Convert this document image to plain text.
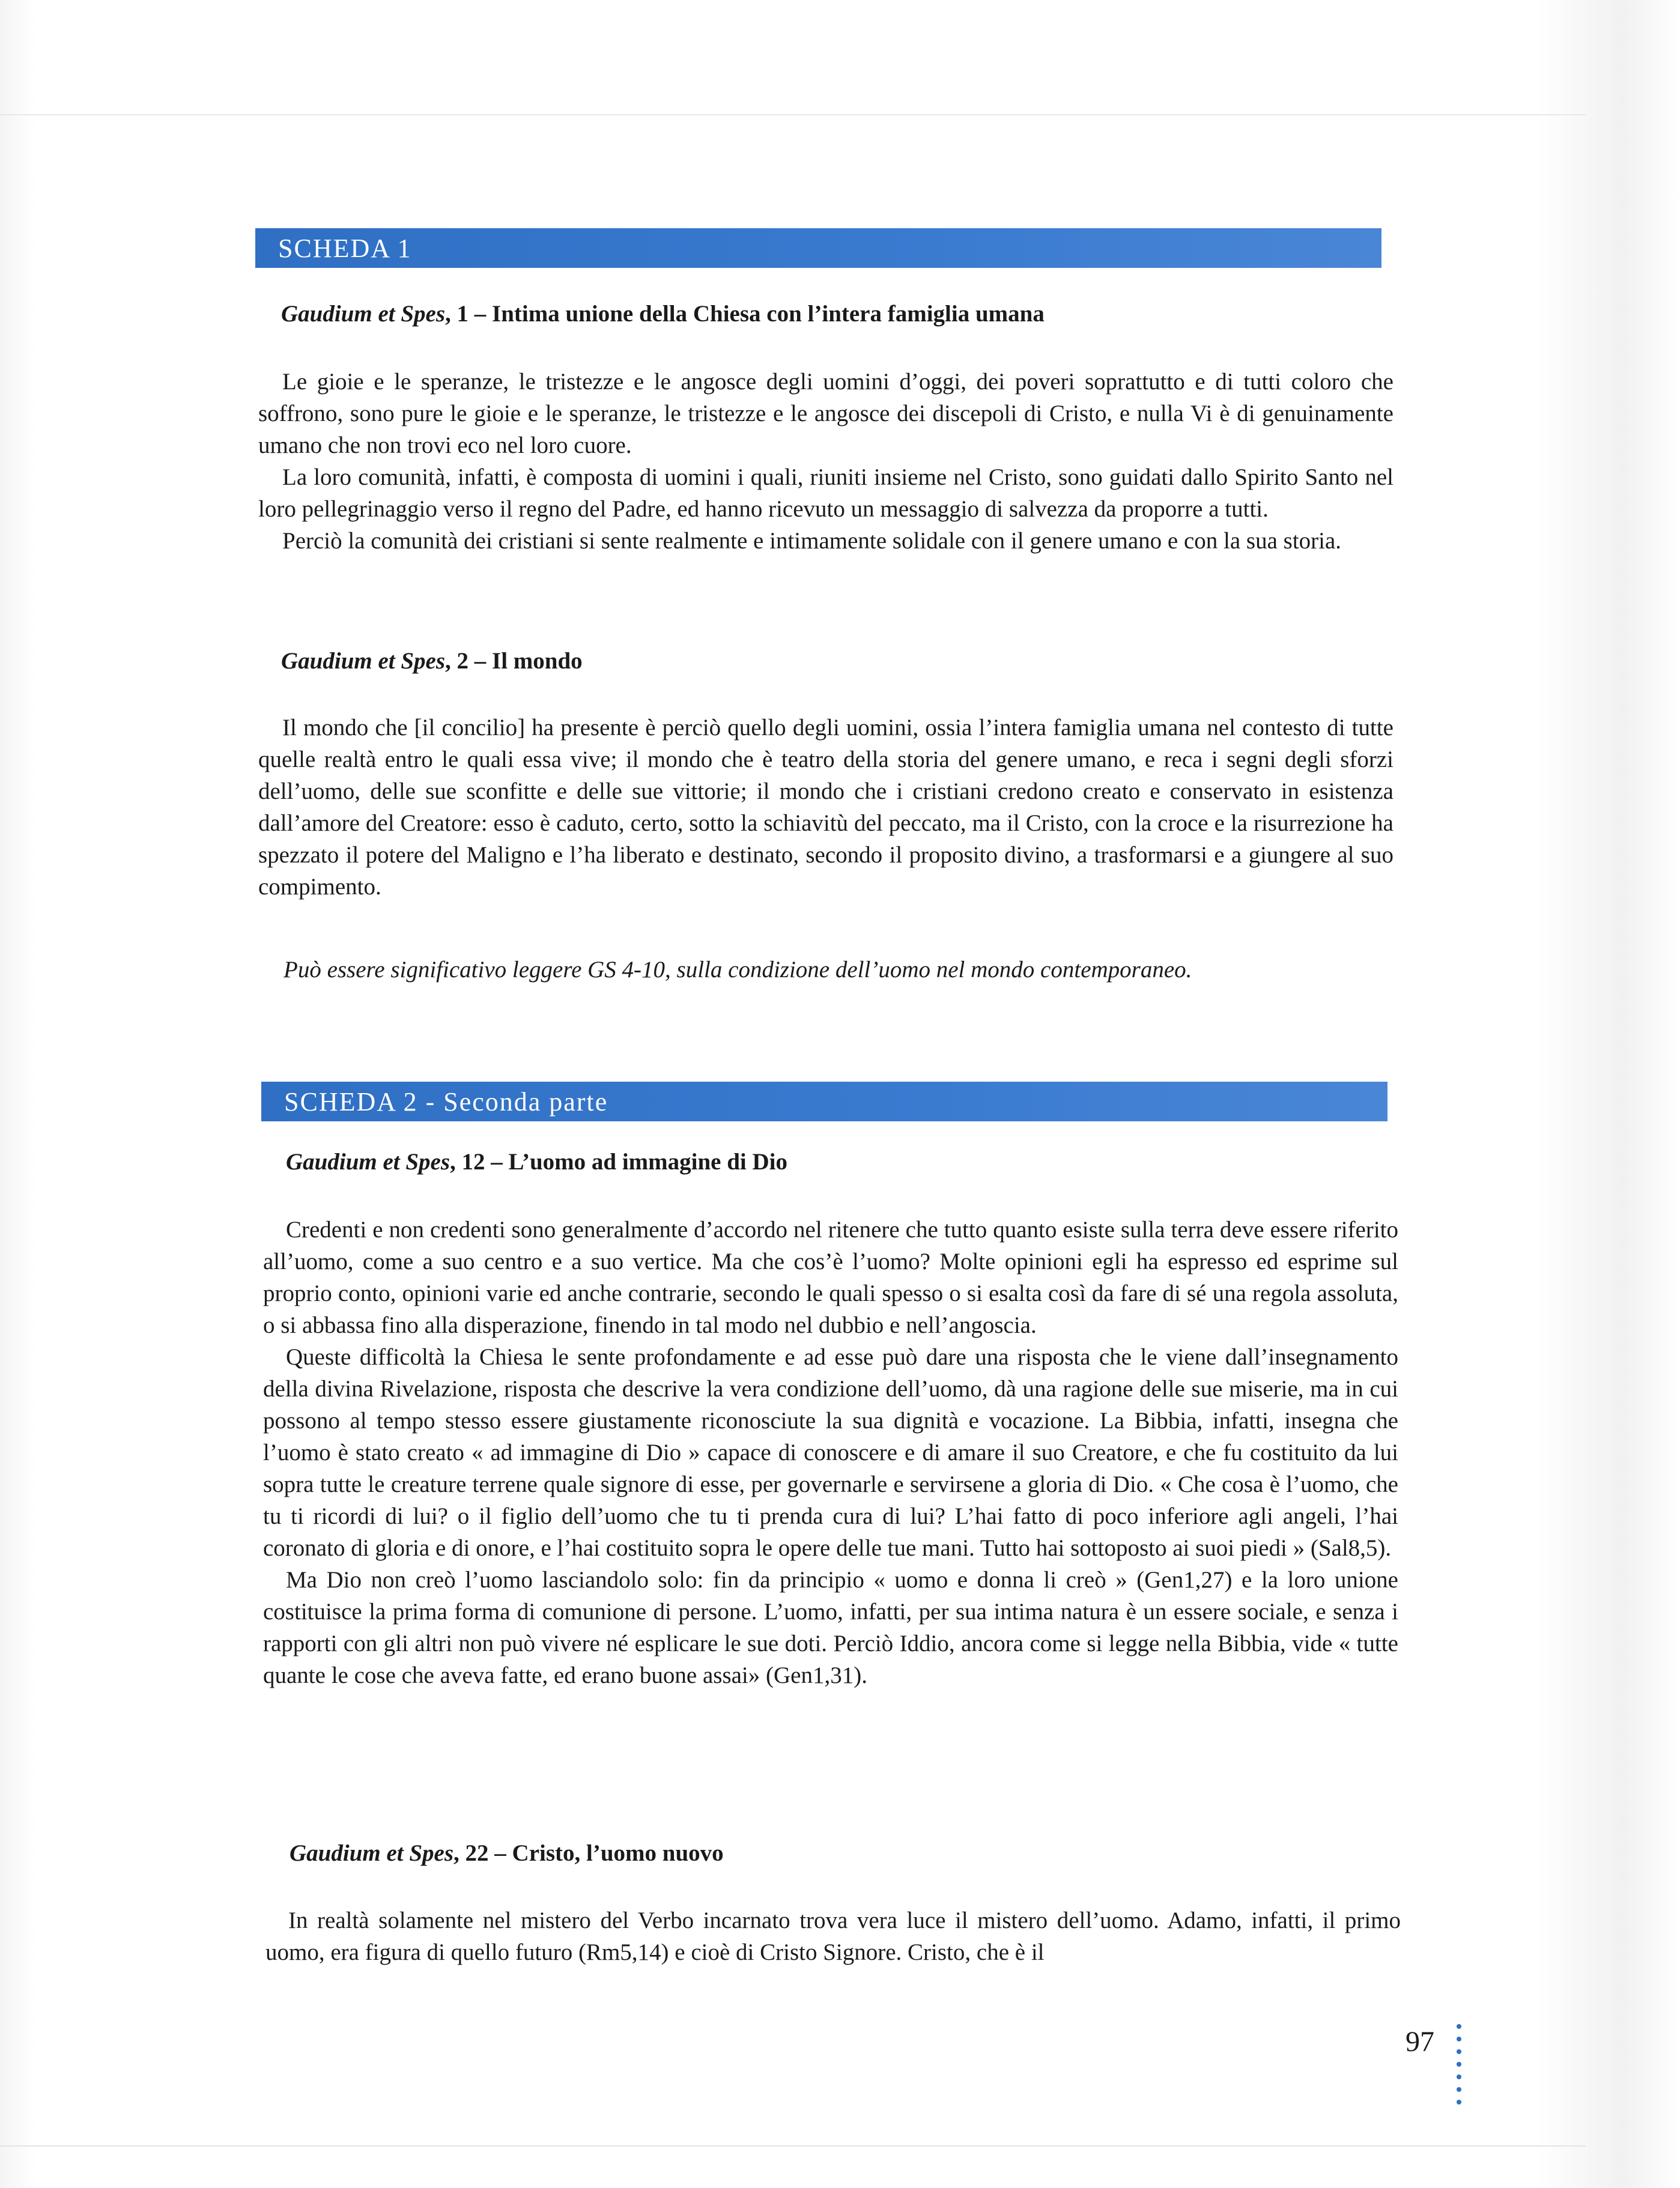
SCHEDA 1
Gaudium et Spes, 1 – Intima unione della Chiesa con l’intera famiglia umana

Le gioie e le speranze, le tristezze e le angosce degli uomini d’oggi, dei poveri soprattutto e di tutti coloro che soffrono, sono pure le gioie e le speranze, le tristezze e le angosce dei discepoli di Cristo, e nulla Vi è di genuinamente umano che non trovi eco nel loro cuore.

La loro comunità, infatti, è composta di uomini i quali, riuniti insieme nel Cristo, sono guidati dallo Spirito Santo nel loro pellegrinaggio verso il regno del Padre, ed hanno ricevuto un messaggio di salvezza da proporre a tutti.

Perciò la comunità dei cristiani si sente realmente e intimamente solidale con il genere umano e con la sua storia.

Gaudium et Spes, 2 – Il mondo

Il mondo che [il concilio] ha presente è perciò quello degli uomini, ossia l’intera famiglia umana nel contesto di tutte quelle realtà entro le quali essa vive; il mondo che è teatro della storia del genere umano, e reca i segni degli sforzi dell’uomo, delle sue sconfitte e delle sue vittorie; il mondo che i cristiani credono creato e conservato in esistenza dall’amore del Creatore: esso è caduto, certo, sotto la schiavitù del peccato, ma il Cristo, con la croce e la risurrezione ha spezzato il potere del Maligno e l’ha liberato e destinato, secondo il proposito divino, a trasformarsi e a giungere al suo compimento.

Può essere significativo leggere GS 4-10, sulla condizione dell’uomo nel mondo contemporaneo.
SCHEDA 2 - Seconda parte
Gaudium et Spes, 12 – L’uomo ad immagine di Dio

Credenti e non credenti sono generalmente d’accordo nel ritenere che tutto quanto esiste sulla terra deve essere riferito all’uomo, come a suo centro e a suo vertice. Ma che cos’è l’uomo? Molte opinioni egli ha espresso ed esprime sul proprio conto, opinioni varie ed anche contrarie, secondo le quali spesso o si esalta così da fare di sé una regola assoluta, o si abbassa fino alla disperazione, finendo in tal modo nel dubbio e nell’angoscia.

Queste difficoltà la Chiesa le sente profondamente e ad esse può dare una risposta che le viene dall’insegnamento della divina Rivelazione, risposta che descrive la vera condizione dell’uomo, dà una ragione delle sue miserie, ma in cui possono al tempo stesso essere giustamente riconosciute la sua dignità e vocazione. La Bibbia, infatti, insegna che l’uomo è stato creato « ad immagine di Dio » capace di conoscere e di amare il suo Creatore, e che fu costituito da lui sopra tutte le creature terrene quale signore di esse, per governarle e servirsene a gloria di Dio. « Che cosa è l’uomo, che tu ti ricordi di lui? o il figlio dell’uomo che tu ti prenda cura di lui? L’hai fatto di poco inferiore agli angeli, l’hai coronato di gloria e di onore, e l’hai costituito sopra le opere delle tue mani. Tutto hai sottoposto ai suoi piedi » (Sal8,5).

Ma Dio non creò l’uomo lasciandolo solo: fin da principio « uomo e donna li creò » (Gen1,27) e la loro unione costituisce la prima forma di comunione di persone. L’uomo, infatti, per sua intima natura è un essere sociale, e senza i rapporti con gli altri non può vivere né esplicare le sue doti. Perciò Iddio, ancora come si legge nella Bibbia, vide « tutte quante le cose che aveva fatte, ed erano buone assai» (Gen1,31).

Gaudium et Spes, 22 – Cristo, l’uomo nuovo

In realtà solamente nel mistero del Verbo incarnato trova vera luce il mistero dell’uomo. Adamo, infatti, il primo uomo, era figura di quello futuro (Rm5,14) e cioè di Cristo Signore. Cristo, che è il

97
